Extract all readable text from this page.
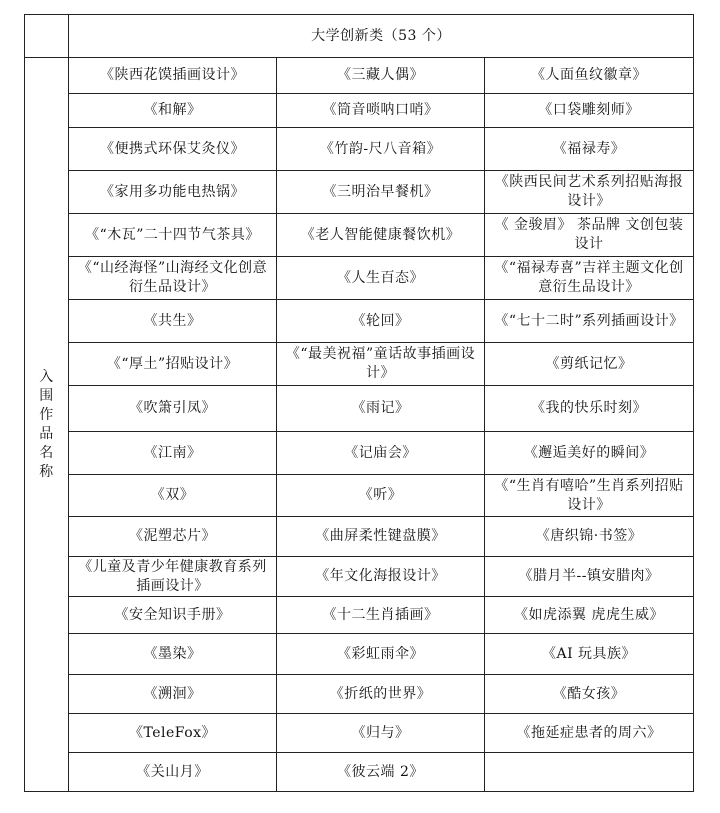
	大学创新类（53 个）		
入围作品名称	《陕西花馍插画设计》	《三藏人偶》	《人面鱼纹徽章》
	《和解》	《筒音唢呐口哨》	《口袋雕刻师》
	《便携式环保艾灸仪》	《竹韵-尺八音箱》	《福禄寿》
	《家用多功能电热锅》	《三明治早餐机》	《陕西民间艺术系列招贴海报设计》
	《“木瓦”二十四节气茶具》	《老人智能健康餐饮机》	《 金骏眉》 茶品牌 文创包装设计
	《“山经海怪”山海经文化创意衍生品设计》	《人生百态》	《“福禄寿喜”吉祥主题文化创意衍生品设计》
	《共生》	《轮回》	《“七十二时”系列插画设计》
	《“厚土”招贴设计》	《“最美祝福”童话故事插画设计》	《剪纸记忆》
	《吹箫引凤》	《雨记》	《我的快乐时刻》
	《江南》	《记庙会》	《邂逅美好的瞬间》
	《双》	《听》	《“生肖有嘻哈”生肖系列招贴设计》
	《泥塑芯片》	《曲屏柔性键盘膜》	《唐织锦·书签》
	《儿童及青少年健康教育系列插画设计》	《年文化海报设计》	《腊月半--镇安腊肉》
	《安全知识手册》	《十二生肖插画》	《如虎添翼 虎虎生威》
	《墨染》	《彩虹雨伞》	《AI 玩具族》
	《溯洄》	《折纸的世界》	《酷女孩》
	《TeleFox》	《归与》	《拖延症患者的周六》
	《关山月》	《彼云端 2》	
